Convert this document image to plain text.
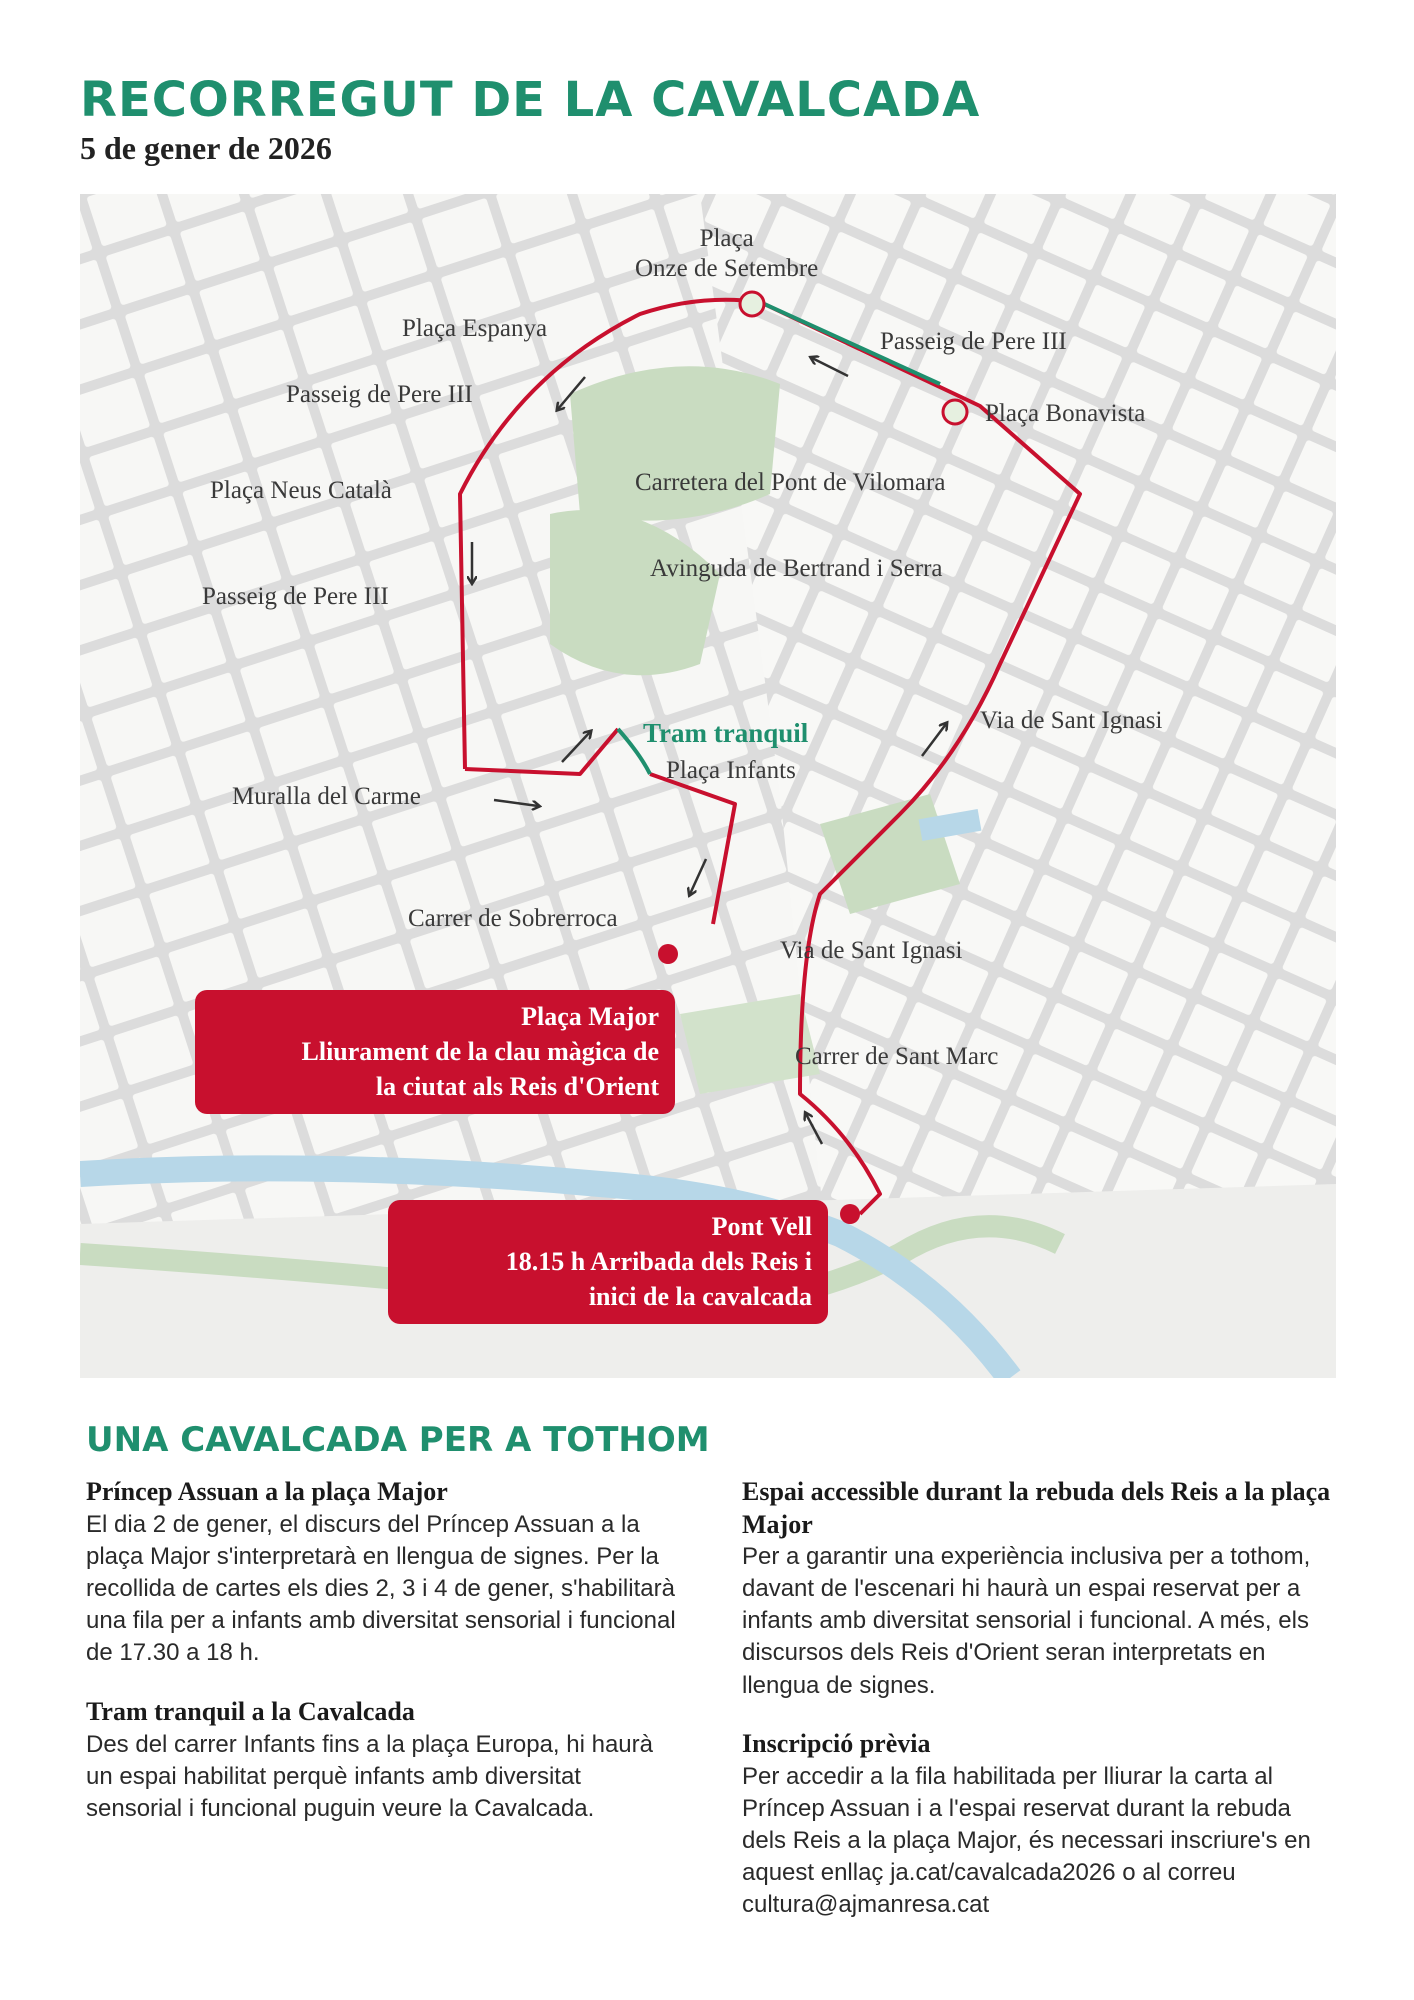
RECORREGUT DE LA CAVALCADA
5 de gener de 2026
Plaça
Onze de Setembre
Plaça Espanya
Passeig de Pere III
Passeig de Pere III
Plaça Bonavista
Plaça Neus Català	Carretera del Pont de Vilomara
Avinguda de Bertrand i Serra
Passeig de Pere III
Tram tranquil	Via de Sant Ignasi
Plaça Infants
Muralla del Carme
Carrer de Sobrerroca
Via de Sant Ignasi
Carrer de Sant Marc
Plaça Major
Lliurament de la clau màgica de
la ciutat als Reis d'Orient
Pont Vell
18.15 h Arribada dels Reis i
inici de la cavalcada
UNA CAVALCADA PER A TOTHOM
Príncep Assuan a la plaça Major

El dia 2 de gener, el discurs del Príncep Assuan a la plaça Major s'interpretarà en llengua de signes. Per la recollida de cartes els dies 2, 3 i 4 de gener, s'habilitarà una fila per a infants amb diversitat sensorial i funcional de 17.30 a 18 h.

Tram tranquil a la Cavalcada

Des del carrer Infants fins a la plaça Europa, hi haurà un espai habilitat perquè infants amb diversitat sensorial i funcional puguin veure la Cavalcada.

Espai accessible durant la rebuda dels Reis a la plaça Major

Per a garantir una experiència inclusiva per a tothom, davant de l'escenari hi haurà un espai reservat per a infants amb diversitat sensorial i funcional. A més, els discursos dels Reis d'Orient seran interpretats en llengua de signes.

Inscripció prèvia

Per accedir a la fila habilitada per lliurar la carta al Príncep Assuan i a l'espai reservat durant la rebuda dels Reis a la plaça Major, és necessari inscriure's en aquest enllaç ja.cat/cavalcada2026 o al correu cultura@ajmanresa.cat
